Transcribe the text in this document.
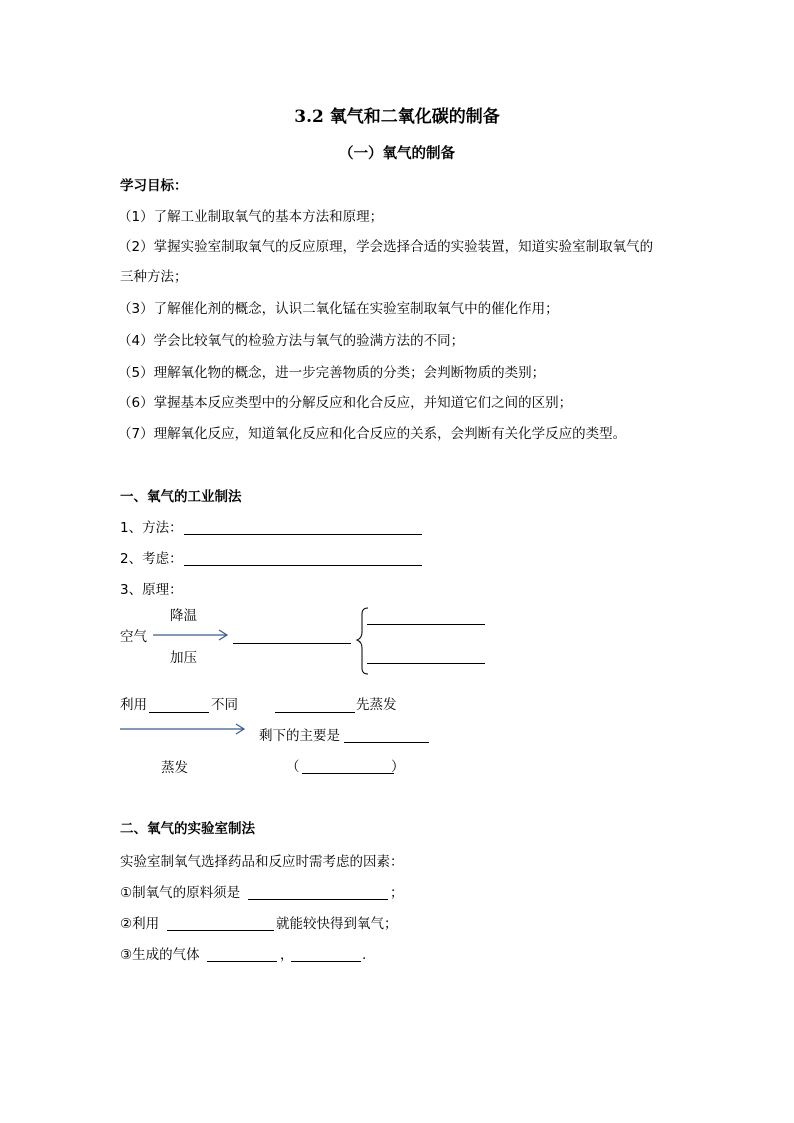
3.2 氧气和二氧化碳的制备
（一）氧气的制备
学习目标：
（1）了解工业制取氧气的基本方法和原理；
（2）掌握实验室制取氧气的反应原理，学会选择合适的实验装置，知道实验室制取氧气的
三种方法；
（3）了解催化剂的概念，认识二氧化锰在实验室制取氧气中的催化作用；
（4）学会比较氧气的检验方法与氧气的验满方法的不同；
（5）理解氧化物的概念，进一步完善物质的分类；会判断物质的类别；
（6）掌握基本反应类型中的分解反应和化合反应，并知道它们之间的区别；
（7）理解氧化反应，知道氧化反应和化合反应的关系，会判断有关化学反应的类型。
一、氧气的工业制法
1、方法：
2、考虑：
3、原理：
降温
空气
加压
利用	不同	先蒸发
剩下的主要是
蒸发	（	）
二、氧气的实验室制法
实验室制氧气选择药品和反应时需考虑的因素：
①制氧气的原料须是	；
②利用	就能较快得到氧气；
③生成的气体	，	.
